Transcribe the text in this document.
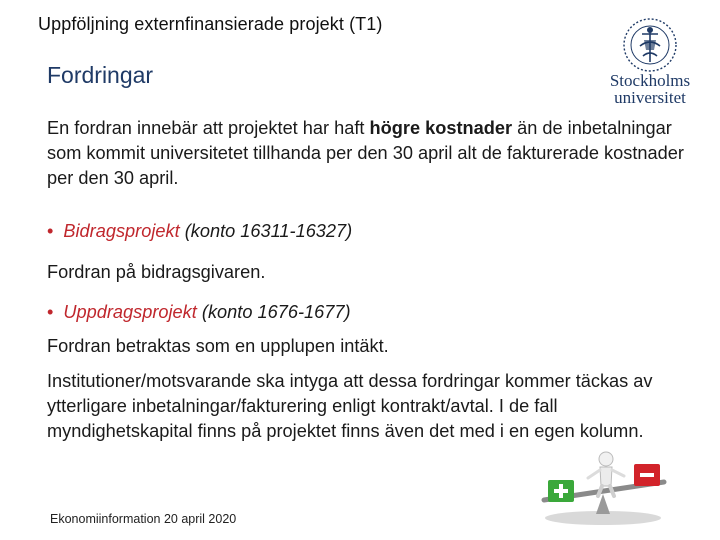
Uppföljning externfinansierade projekt (T1)
Stockholms
universitet
Fordringar
En fordran innebär att projektet har haft högre kostnader än de inbetalningar som kommit universitetet tillhanda per den 30 april alt de fakturerade kostnader per den 30 april.
• Bidragsprojekt (konto 16311-16327)
Fordran på bidragsgivaren.
• Uppdragsprojekt (konto 1676-1677)
Fordran betraktas som en upplupen intäkt.
Institutioner/motsvarande ska intyga att dessa fordringar kommer täckas av ytterligare inbetalningar/fakturering enligt kontrakt/avtal. I de fall myndighetskapital finns på projektet finns även det med i en egen kolumn.
Ekonomiinformation 20 april 2020
